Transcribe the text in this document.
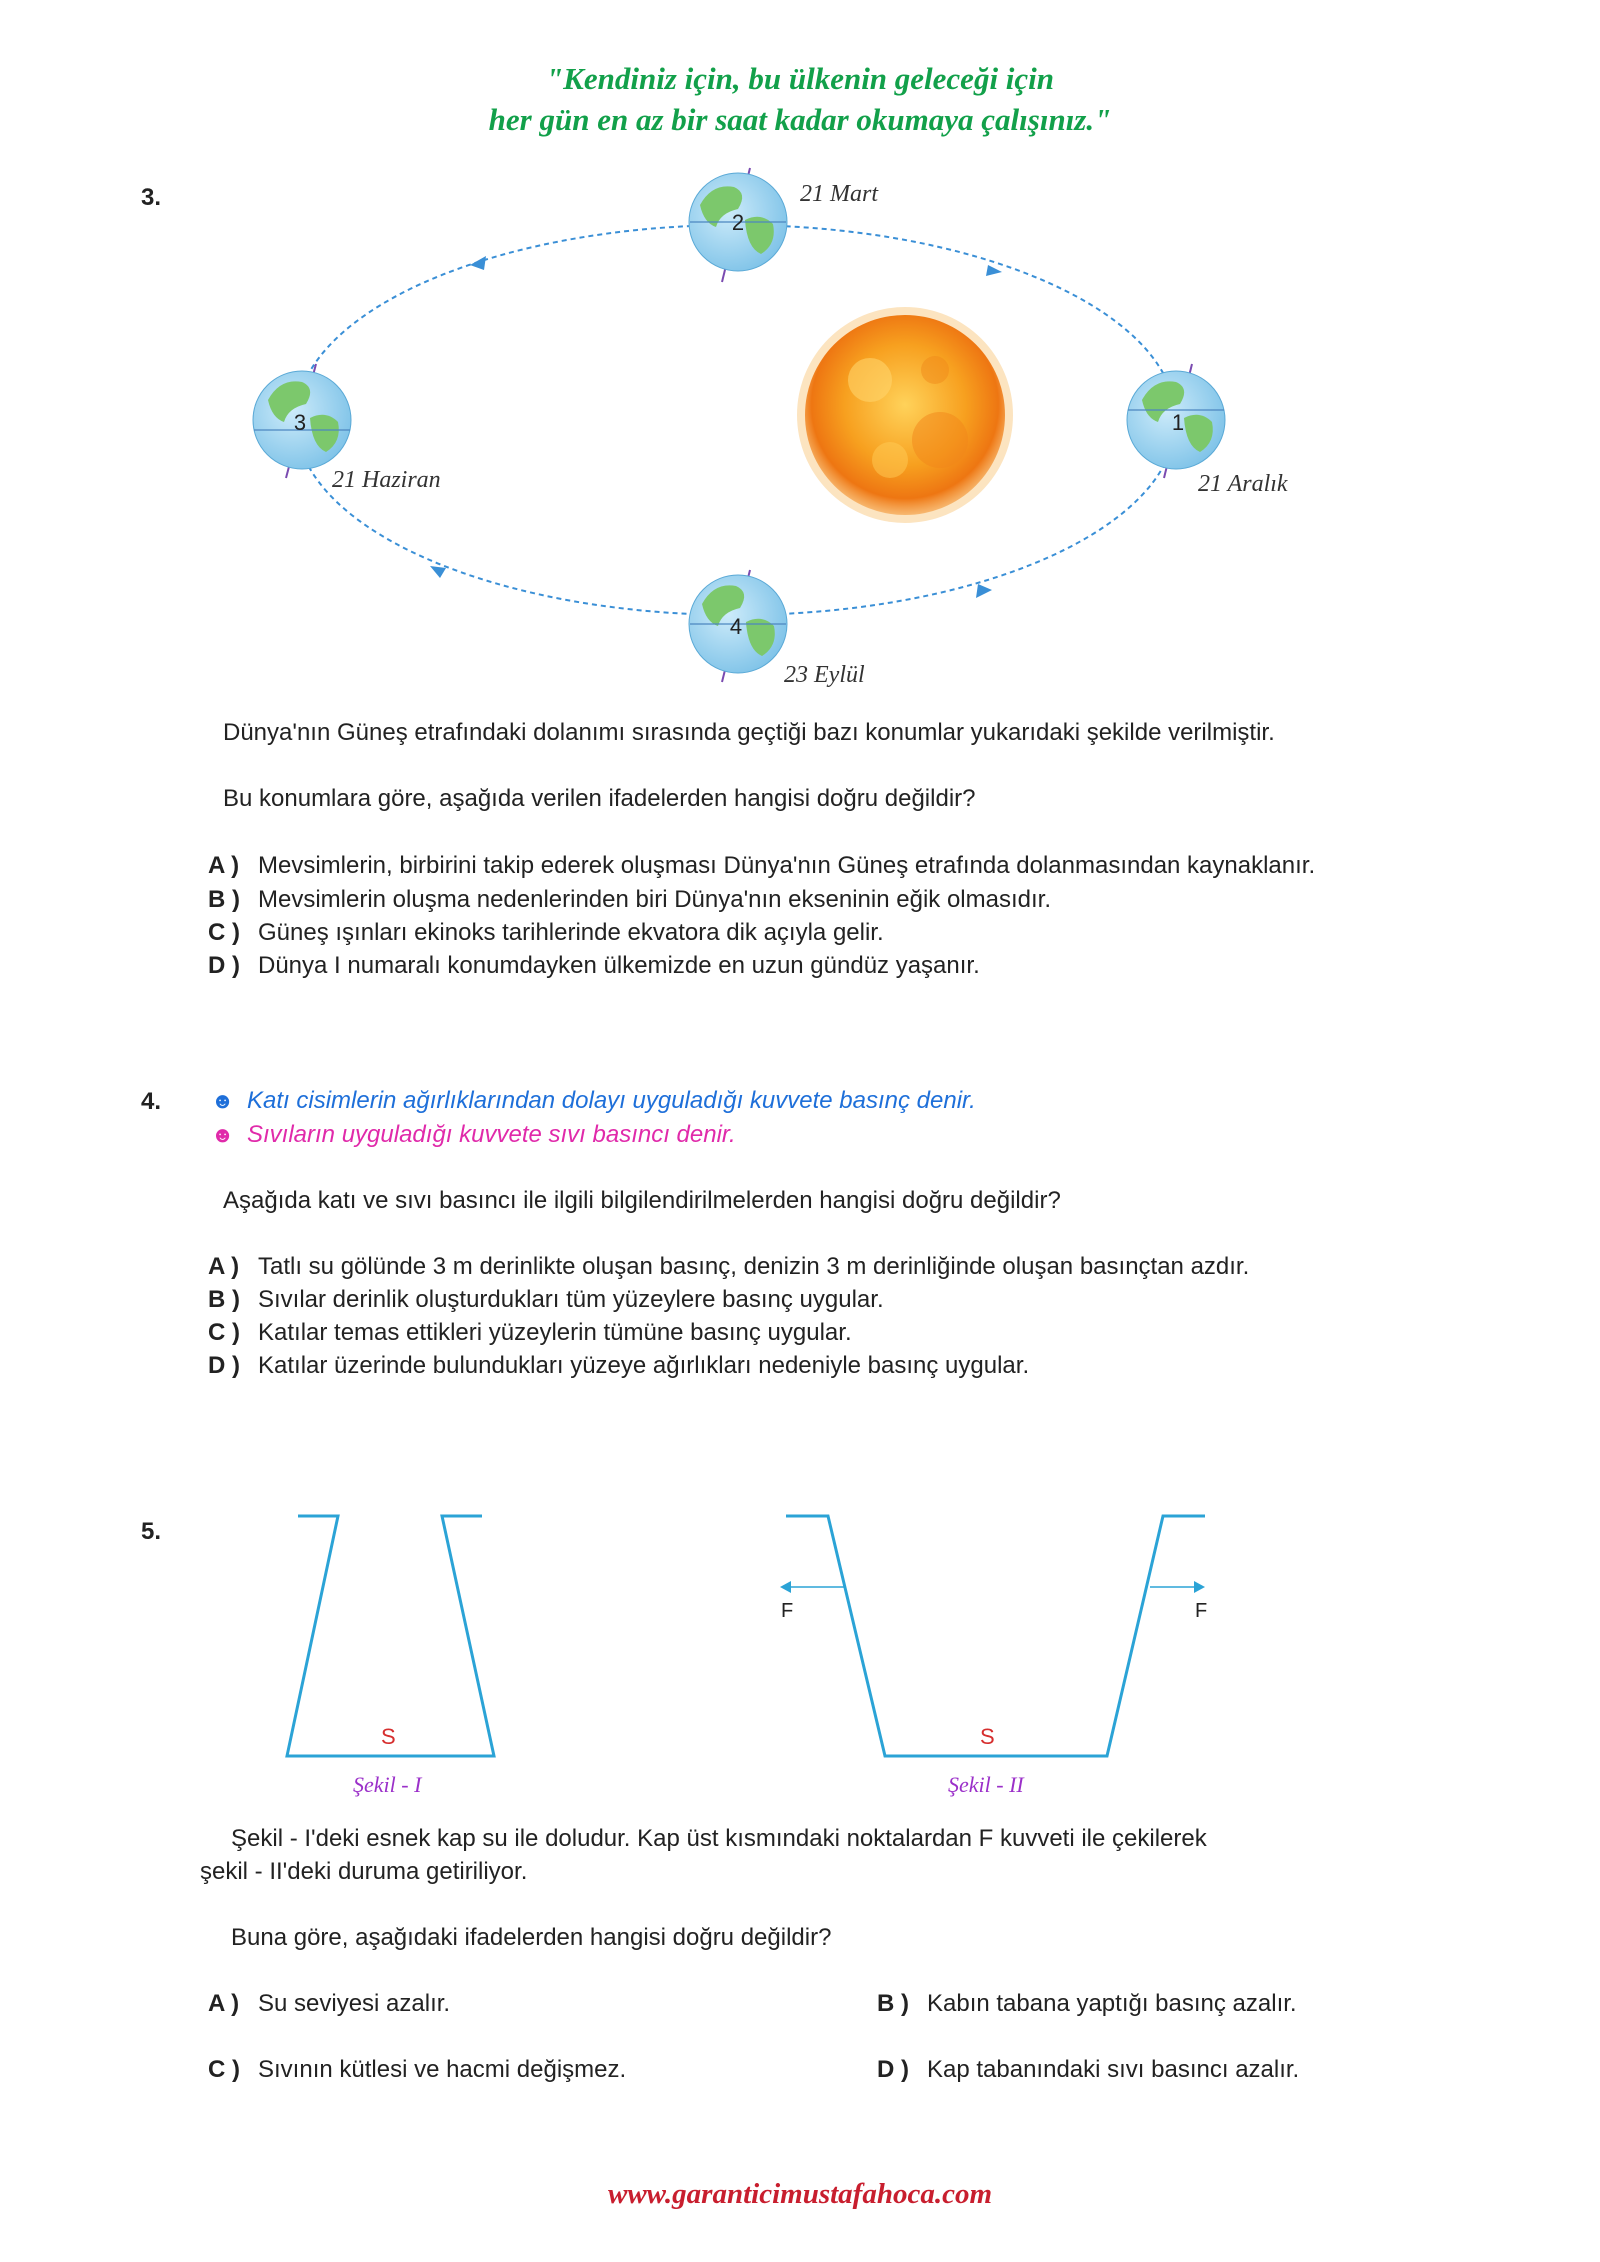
"Kendiniz için, bu ülkenin geleceği için
her gün en az bir saat kadar okumaya çalışınız."
3.
2
21 Mart
3
21 Haziran
1
21 Aralık
4
23 Eylül
Dünya'nın Güneş etrafındaki dolanımı sırasında geçtiği bazı konumlar yukarıdaki şekilde verilmiştir.
Bu konumlara göre, aşağıda verilen ifadelerden hangisi doğru değildir?
A ) Mevsimlerin, birbirini takip ederek oluşması Dünya'nın Güneş etrafında dolanmasından kaynaklanır.
B ) Mevsimlerin oluşma nedenlerinden biri Dünya'nın ekseninin eğik olmasıdır.
C ) Güneş ışınları ekinoks tarihlerinde ekvatora dik açıyla gelir.
D ) Dünya I numaralı konumdayken ülkemizde en uzun gündüz yaşanır.
4. ☻ Katı cisimlerin ağırlıklarından dolayı uyguladığı kuvvete basınç denir.
☻ Sıvıların uyguladığı kuvvete sıvı basıncı denir.
Aşağıda katı ve sıvı basıncı ile ilgili bilgilendirilmelerden hangisi doğru değildir?
A ) Tatlı su gölünde 3 m derinlikte oluşan basınç, denizin 3 m derinliğinde oluşan basınçtan azdır.
B ) Sıvılar derinlik oluşturdukları tüm yüzeylere basınç uygular.
C ) Katılar temas ettikleri yüzeylerin tümüne basınç uygular.
D ) Katılar üzerinde bulundukları yüzeye ağırlıkları nedeniyle basınç uygular.
5.
S
Şekil - I
F	F
S
Şekil - II
Şekil - I'deki esnek kap su ile doludur. Kap üst kısmındaki noktalardan F kuvveti ile çekilerek
şekil - II'deki duruma getiriliyor.
Buna göre, aşağıdaki ifadelerden hangisi doğru değildir?
A ) Su seviyesi azalır.	B ) Kabın tabana yaptığı basınç azalır.
C ) Sıvının kütlesi ve hacmi değişmez.	D ) Kap tabanındaki sıvı basıncı azalır.
www.garanticimustafahoca.com
